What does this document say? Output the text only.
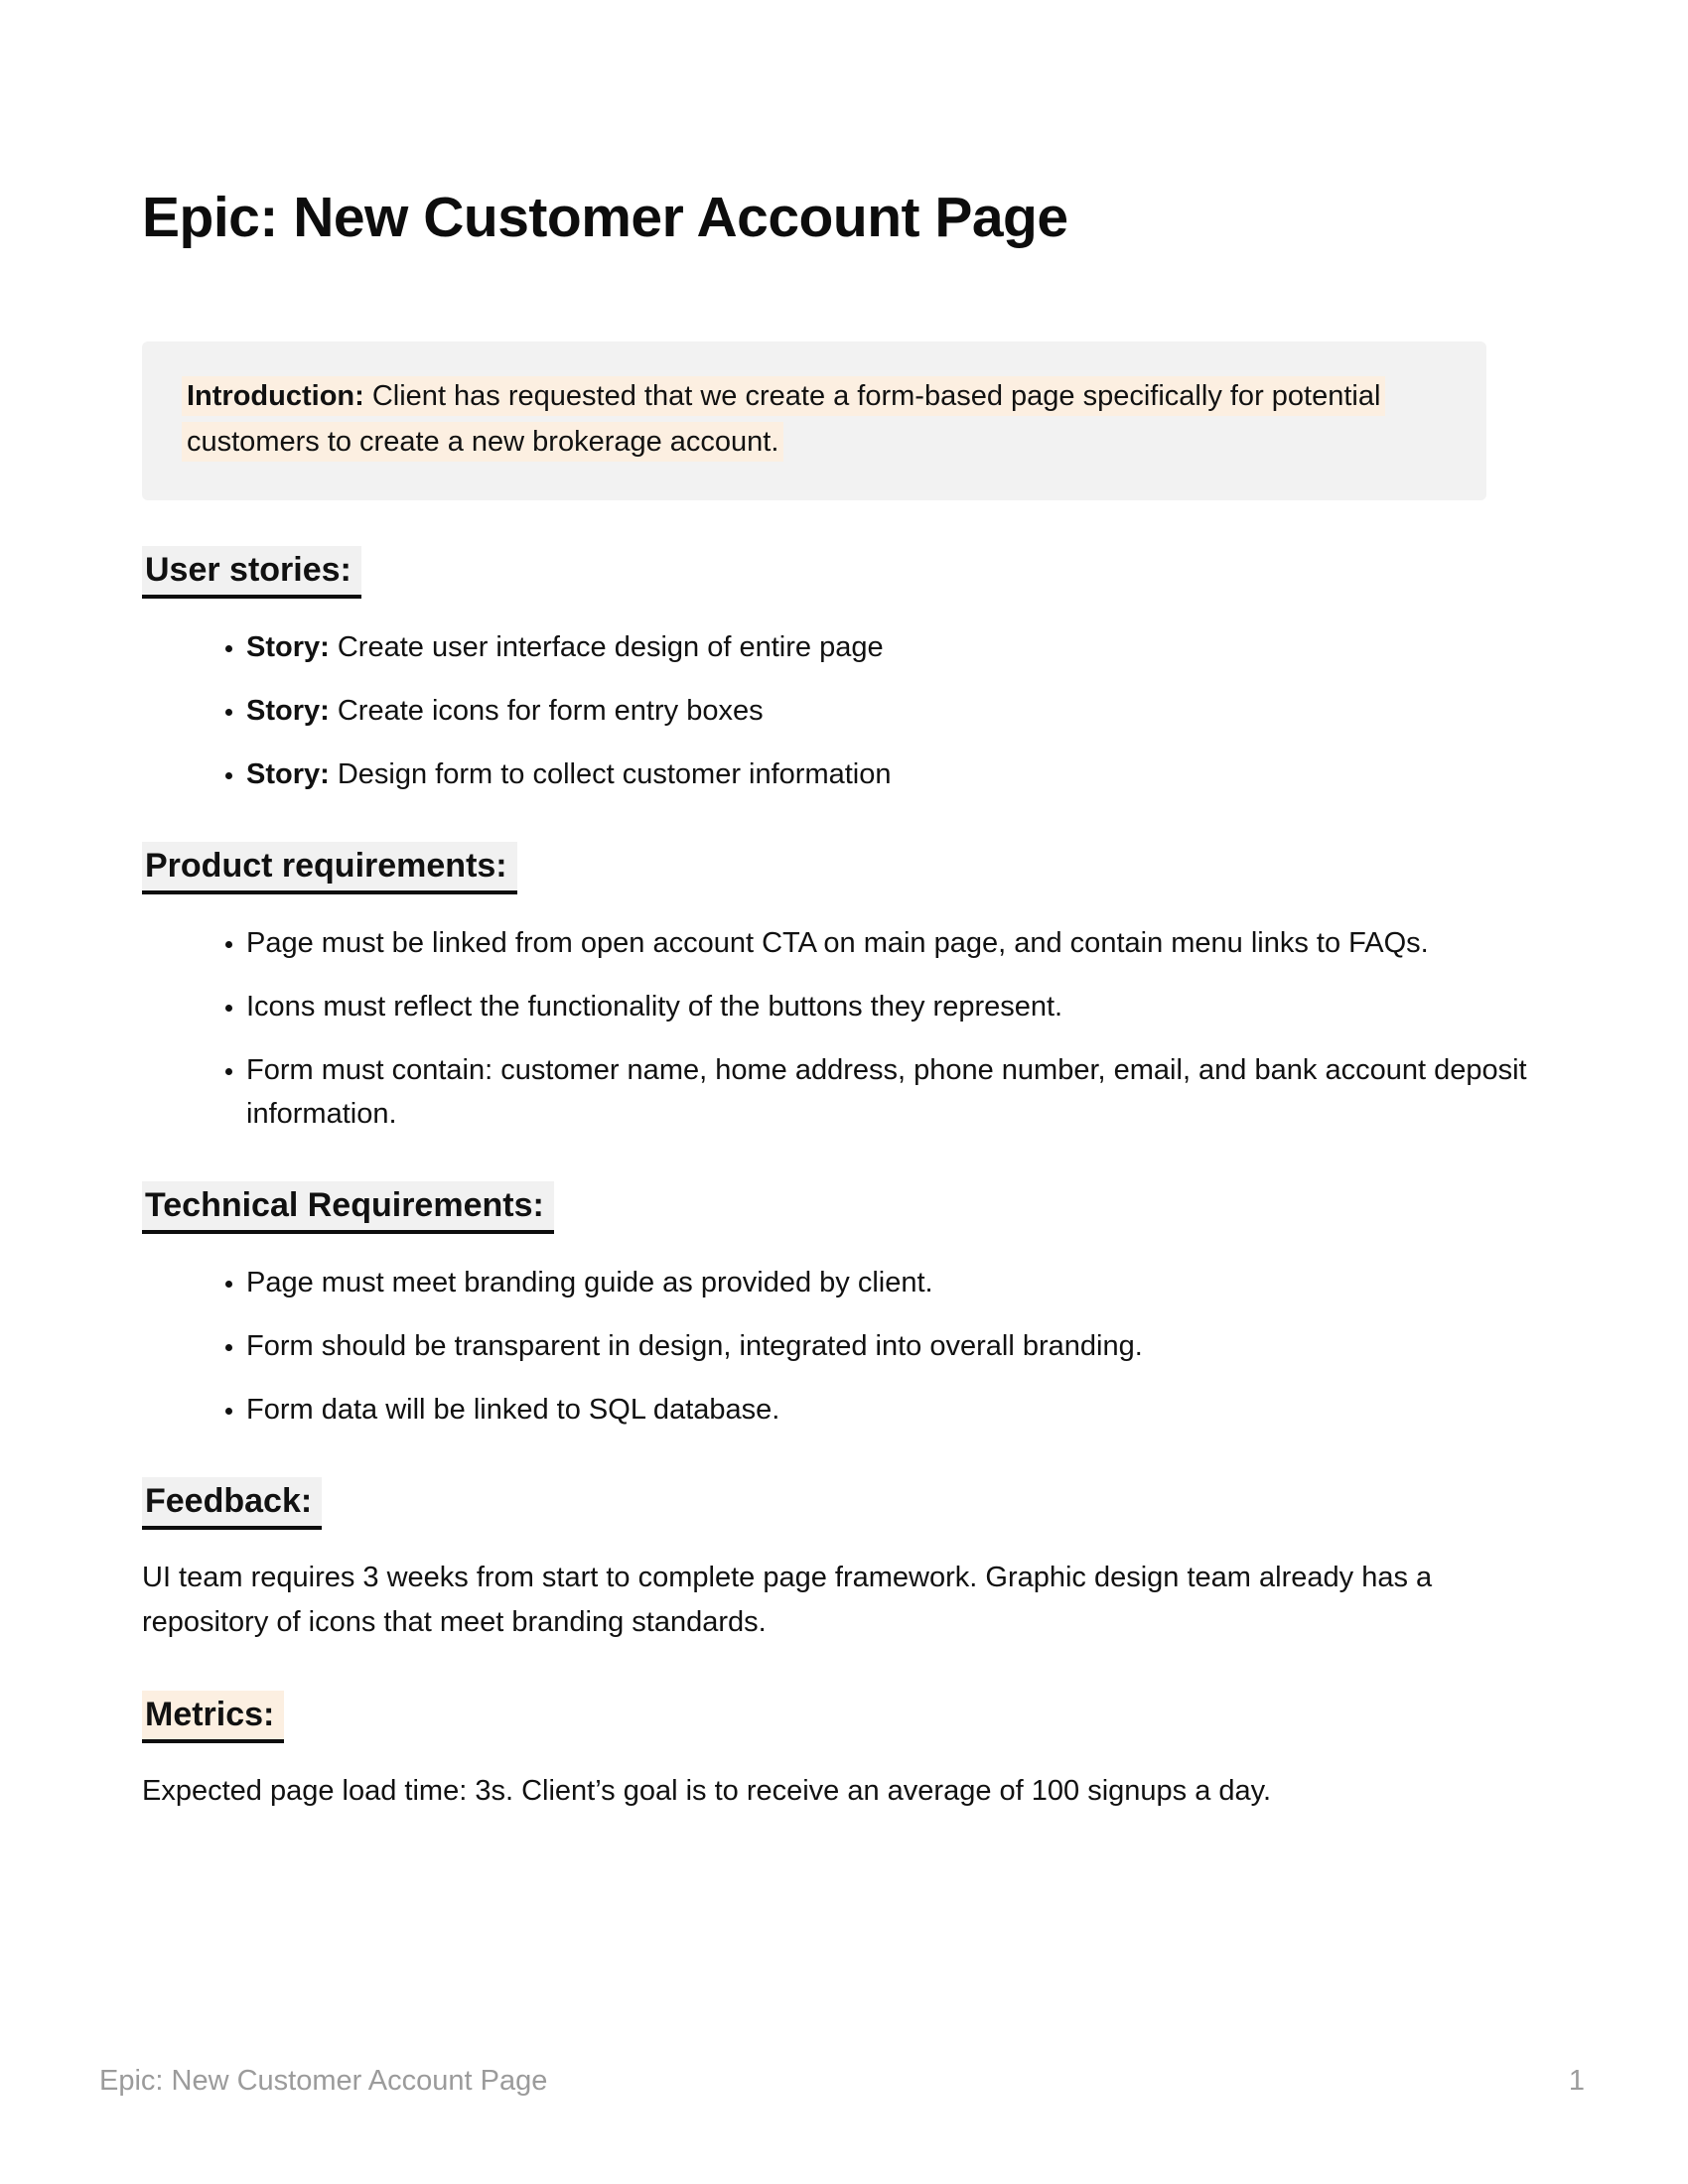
Epic: New Customer Account Page
Introduction: Client has requested that we create a form-based page specifically for potential customers to create a new brokerage account.
User stories:
• Story: Create user interface design of entire page
• Story: Create icons for form entry boxes
• Story: Design form to collect customer information
Product requirements:
• Page must be linked from open account CTA on main page, and contain menu links to FAQs.
• Icons must reflect the functionality of the buttons they represent.
• Form must contain: customer name, home address, phone number, email, and bank account deposit information.
Technical Requirements:
• Page must meet branding guide as provided by client.
• Form should be transparent in design, integrated into overall branding.
• Form data will be linked to SQL database.
Feedback:

UI team requires 3 weeks from start to complete page framework. Graphic design team already has a repository of icons that meet branding standards.

Metrics:

Expected page load time: 3s. Client’s goal is to receive an average of 100 signups a day.

Epic: New Customer Account Page	1
